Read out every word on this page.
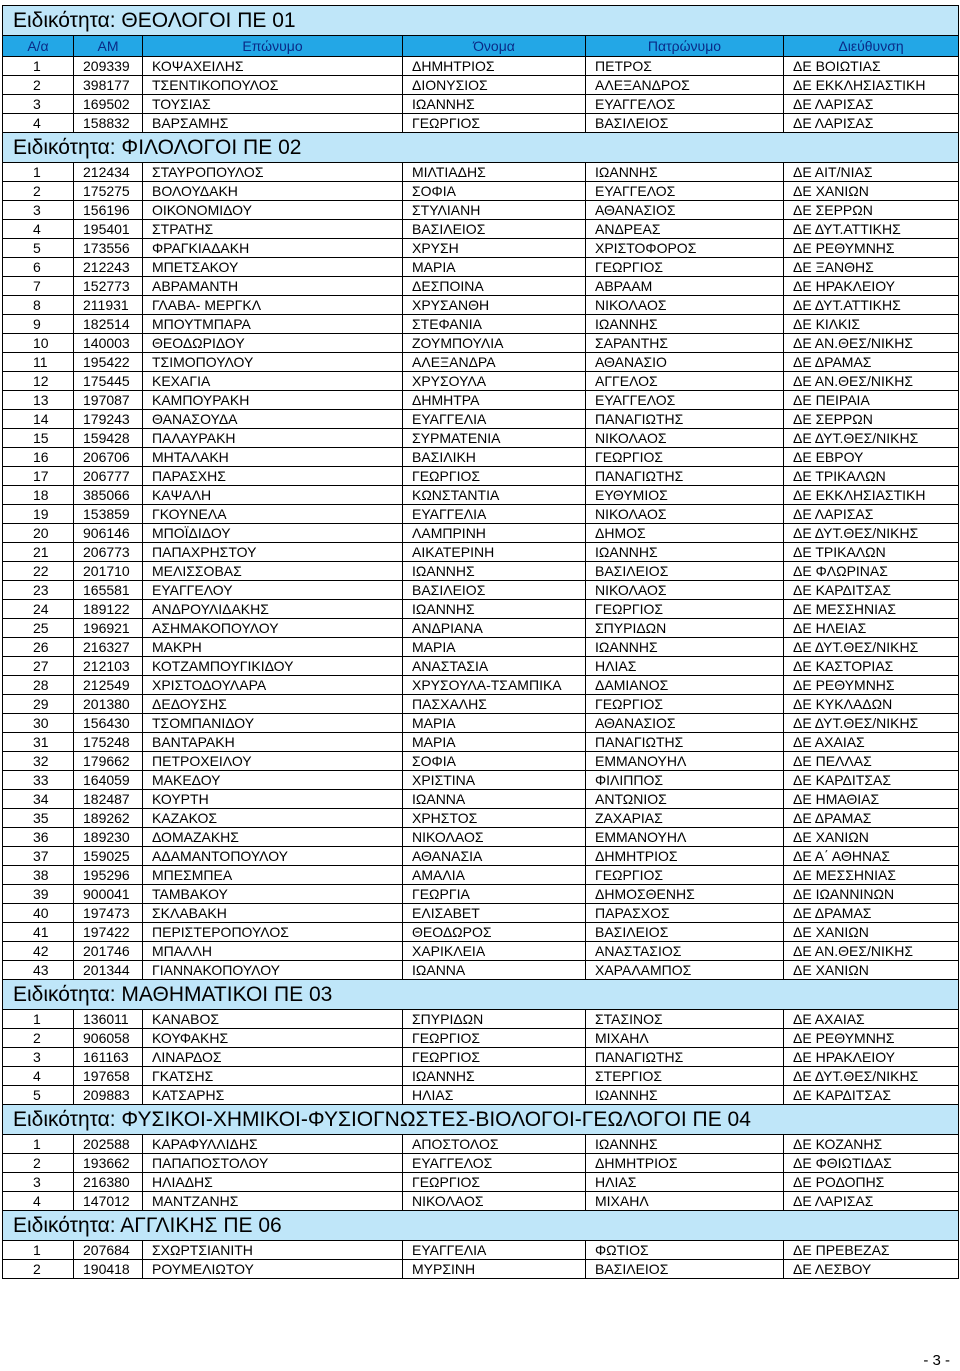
Ειδικότητα: ΘΕΟΛΟΓΟΙ ΠΕ 01					
Α/α	ΑΜ	Επώνυμο	Όνομα	Πατρώνυμο	Διεύθυνση
1	209339	ΚΟΨΑΧΕΙΛΗΣ	ΔΗΜΗΤΡΙΟΣ	ΠΕΤΡΟΣ	ΔΕ ΒΟΙΩΤΙΑΣ
2	398177	ΤΣΕΝΤΙΚΟΠΟΥΛΟΣ	ΔΙΟΝΥΣΙΟΣ	ΑΛΕΞΑΝΔΡΟΣ	ΔΕ ΕΚΚΛΗΣΙΑΣΤΙΚΗ
3	169502	ΤΟΥΣΙΑΣ	ΙΩΑΝΝΗΣ	ΕΥΑΓΓΕΛΟΣ	ΔΕ ΛΑΡΙΣΑΣ
4	158832	ΒΑΡΣΑΜΗΣ	ΓΕΩΡΓΙΟΣ	ΒΑΣΙΛΕΙΟΣ	ΔΕ ΛΑΡΙΣΑΣ
Ειδικότητα: ΦΙΛΟΛΟΓΟΙ ΠΕ 02					
1	212434	ΣΤΑΥΡΟΠΟΥΛΟΣ	ΜΙΛΤΙΑΔΗΣ	ΙΩΑΝΝΗΣ	ΔΕ ΑΙΤ/ΝΙΑΣ
2	175275	ΒΟΛΟΥΔΑΚΗ	ΣΟΦΙΑ	ΕΥΑΓΓΕΛΟΣ	ΔΕ ΧΑΝΙΩΝ
3	156196	ΟΙΚΟΝΟΜΙΔΟΥ	ΣΤΥΛΙΑΝΗ	ΑΘΑΝΑΣΙΟΣ	ΔΕ ΣΕΡΡΩΝ
4	195401	ΣΤΡΑΤΗΣ	ΒΑΣΙΛΕΙΟΣ	ΑΝΔΡΕΑΣ	ΔΕ ΔΥΤ.ΑΤΤΙΚΗΣ
5	173556	ΦΡΑΓΚΙΑΔΑΚΗ	ΧΡΥΣΗ	ΧΡΙΣΤΟΦΟΡΟΣ	ΔΕ ΡΕΘΥΜΝΗΣ
6	212243	ΜΠΕΤΣΑΚΟΥ	ΜΑΡΙΑ	ΓΕΩΡΓΙΟΣ	ΔΕ ΞΑΝΘΗΣ
7	152773	ΑΒΡΑΜΑΝΤΗ	ΔΕΣΠΟΙΝΑ	ΑΒΡΑΑΜ	ΔΕ ΗΡΑΚΛΕΙΟΥ
8	211931	ΓΛΑΒΑ- ΜΕΡΓΚΛ	ΧΡΥΣΑΝΘΗ	ΝΙΚΟΛΑΟΣ	ΔΕ ΔΥΤ.ΑΤΤΙΚΗΣ
9	182514	ΜΠΟΥΤΜΠΑΡΑ	ΣΤΕΦΑΝΙΑ	ΙΩΑΝΝΗΣ	ΔΕ ΚΙΛΚΙΣ
10	140003	ΘΕΟΔΩΡΙΔΟΥ	ΖΟΥΜΠΟΥΛΙΑ	ΣΑΡΑΝΤΗΣ	ΔΕ ΑΝ.ΘΕΣ/ΝΙΚΗΣ
11	195422	ΤΣΙΜΟΠΟΥΛΟΥ	ΑΛΕΞΑΝΔΡΑ	ΑΘΑΝΑΣΙΟ	ΔΕ ΔΡΑΜΑΣ
12	175445	ΚΕΧΑΓΙΑ	ΧΡΥΣΟΥΛΑ	ΑΓΓΕΛΟΣ	ΔΕ ΑΝ.ΘΕΣ/ΝΙΚΗΣ
13	197087	ΚΑΜΠΟΥΡΑΚΗ	ΔΗΜΗΤΡΑ	ΕΥΑΓΓΕΛΟΣ	ΔΕ ΠΕΙΡΑΙΑ
14	179243	ΘΑΝΑΣΟΥΔΑ	ΕΥΑΓΓΕΛΙΑ	ΠΑΝΑΓΙΩΤΗΣ	ΔΕ ΣΕΡΡΩΝ
15	159428	ΠΑΛΑΥΡΑΚΗ	ΣΥΡΜΑΤΕΝΙΑ	ΝΙΚΟΛΑΟΣ	ΔΕ ΔΥΤ.ΘΕΣ/ΝΙΚΗΣ
16	206706	ΜΗΤΑΛΑΚΗ	ΒΑΣΙΛΙΚΗ	ΓΕΩΡΓΙΟΣ	ΔΕ ΕΒΡΟΥ
17	206777	ΠΑΡΑΣΧΗΣ	ΓΕΩΡΓΙΟΣ	ΠΑΝΑΓΙΩΤΗΣ	ΔΕ ΤΡΙΚΑΛΩΝ
18	385066	ΚΑΨΑΛΗ	ΚΩΝΣΤΑΝΤΙΑ	ΕΥΘΥΜΙΟΣ	ΔΕ ΕΚΚΛΗΣΙΑΣΤΙΚΗ
19	153859	ΓΚΟΥΝΕΛΑ	ΕΥΑΓΓΕΛΙΑ	ΝΙΚΟΛΑΟΣ	ΔΕ ΛΑΡΙΣΑΣ
20	906146	ΜΠΟΪΔΙΔΟΥ	ΛΑΜΠΡΙΝΗ	ΔΗΜΟΣ	ΔΕ ΔΥΤ.ΘΕΣ/ΝΙΚΗΣ
21	206773	ΠΑΠΑΧΡΗΣΤΟΥ	ΑΙΚΑΤΕΡΙΝΗ	ΙΩΑΝΝΗΣ	ΔΕ ΤΡΙΚΑΛΩΝ
22	201710	ΜΕΛΙΣΣΟΒΑΣ	ΙΩΑΝΝΗΣ	ΒΑΣΙΛΕΙΟΣ	ΔΕ ΦΛΩΡΙΝΑΣ
23	165581	ΕΥΑΓΓΕΛΟΥ	ΒΑΣΙΛΕΙΟΣ	ΝΙΚΟΛΑΟΣ	ΔΕ ΚΑΡΔΙΤΣΑΣ
24	189122	ΑΝΔΡΟΥΛΙΔΑΚΗΣ	ΙΩΑΝΝΗΣ	ΓΕΩΡΓΙΟΣ	ΔΕ ΜΕΣΣΗΝΙΑΣ
25	196921	ΑΣΗΜΑΚΟΠΟΥΛΟΥ	ΑΝΔΡΙΑΝΑ	ΣΠΥΡΙΔΩΝ	ΔΕ ΗΛΕΙΑΣ
26	216327	ΜΑΚΡΗ	ΜΑΡΙΑ	ΙΩΑΝΝΗΣ	ΔΕ ΔΥΤ.ΘΕΣ/ΝΙΚΗΣ
27	212103	ΚΟΤΖΑΜΠΟΥΓΙΚΙΔΟΥ	ΑΝΑΣΤΑΣΙΑ	ΗΛΙΑΣ	ΔΕ ΚΑΣΤΟΡΙΑΣ
28	212549	ΧΡΙΣΤΟΔΟΥΛΑΡΑ	ΧΡΥΣΟΥΛΑ-ΤΣΑΜΠΙΚΑ	ΔΑΜΙΑΝΟΣ	ΔΕ ΡΕΘΥΜΝΗΣ
29	201380	ΔΕΔΟΥΣΗΣ	ΠΑΣΧΑΛΗΣ	ΓΕΩΡΓΙΟΣ	ΔΕ ΚΥΚΛΑΔΩΝ
30	156430	ΤΣΟΜΠΑΝΙΔΟΥ	ΜΑΡΙΑ	ΑΘΑΝΑΣΙΟΣ	ΔΕ ΔΥΤ.ΘΕΣ/ΝΙΚΗΣ
31	175248	ΒΑΝΤΑΡΑΚΗ	ΜΑΡΙΑ	ΠΑΝΑΓΙΩΤΗΣ	ΔΕ ΑΧΑΙΑΣ
32	179662	ΠΕΤΡΟΧΕΙΛΟΥ	ΣΟΦΙΑ	ΕΜΜΑΝΟΥΗΛ	ΔΕ ΠΕΛΛΑΣ
33	164059	ΜΑΚΕΔΟΥ	ΧΡΙΣΤΙΝΑ	ΦΙΛΙΠΠΟΣ	ΔΕ ΚΑΡΔΙΤΣΑΣ
34	182487	ΚΟΥΡΤΗ	ΙΩΑΝΝΑ	ΑΝΤΩΝΙΟΣ	ΔΕ ΗΜΑΘΙΑΣ
35	189262	ΚΑΖΑΚΟΣ	ΧΡΗΣΤΟΣ	ΖΑΧΑΡΙΑΣ	ΔΕ ΔΡΑΜΑΣ
36	189230	ΔΟΜΑΖΑΚΗΣ	ΝΙΚΟΛΑΟΣ	ΕΜΜΑΝΟΥΗΛ	ΔΕ ΧΑΝΙΩΝ
37	159025	ΑΔΑΜΑΝΤΟΠΟΥΛΟΥ	ΑΘΑΝΑΣΙΑ	ΔΗΜΗΤΡΙΟΣ	ΔΕ Α΄ ΑΘΗΝΑΣ
38	195296	ΜΠΕΣΜΠΕΑ	ΑΜΑΛΙΑ	ΓΕΩΡΓΙΟΣ	ΔΕ ΜΕΣΣΗΝΙΑΣ
39	900041	ΤΑΜΒΑΚΟΥ	ΓΕΩΡΓΙΑ	ΔΗΜΟΣΘΕΝΗΣ	ΔΕ ΙΩΑΝΝΙΝΩΝ
40	197473	ΣΚΛΑΒΑΚΗ	ΕΛΙΣΑΒΕΤ	ΠΑΡΑΣΧΟΣ	ΔΕ ΔΡΑΜΑΣ
41	197422	ΠΕΡΙΣΤΕΡΟΠΟΥΛΟΣ	ΘΕΟΔΩΡΟΣ	ΒΑΣΙΛΕΙΟΣ	ΔΕ ΧΑΝΙΩΝ
42	201746	ΜΠΑΛΛΗ	ΧΑΡΙΚΛΕΙΑ	ΑΝΑΣΤΑΣΙΟΣ	ΔΕ ΑΝ.ΘΕΣ/ΝΙΚΗΣ
43	201344	ΓΙΑΝΝΑΚΟΠΟΥΛΟΥ	ΙΩΑΝΝΑ	ΧΑΡΑΛΑΜΠΟΣ	ΔΕ ΧΑΝΙΩΝ
Ειδικότητα: ΜΑΘΗΜΑΤΙΚΟΙ ΠΕ 03					
1	136011	ΚΑΝΑΒΟΣ	ΣΠΥΡΙΔΩΝ	ΣΤΑΣΙΝΟΣ	ΔΕ ΑΧΑΙΑΣ
2	906058	ΚΟΥΦΑΚΗΣ	ΓΕΩΡΓΙΟΣ	ΜΙΧΑΗΛ	ΔΕ ΡΕΘΥΜΝΗΣ
3	161163	ΛΙΝΑΡΔΟΣ	ΓΕΩΡΓΙΟΣ	ΠΑΝΑΓΙΩΤΗΣ	ΔΕ ΗΡΑΚΛΕΙΟΥ
4	197658	ΓΚΑΤΣΗΣ	ΙΩΑΝΝΗΣ	ΣΤΕΡΓΙΟΣ	ΔΕ ΔΥΤ.ΘΕΣ/ΝΙΚΗΣ
5	209883	ΚΑΤΣΑΡΗΣ	ΗΛΙΑΣ	ΙΩΑΝΝΗΣ	ΔΕ ΚΑΡΔΙΤΣΑΣ
Ειδικότητα: ΦΥΣΙΚΟΙ-ΧΗΜΙΚΟΙ-ΦΥΣΙΟΓΝΩΣΤΕΣ-ΒΙΟΛΟΓΟΙ-ΓΕΩΛΟΓΟΙ ΠΕ 04					
1	202588	ΚΑΡΑΦΥΛΛΙΔΗΣ	ΑΠΟΣΤΟΛΟΣ	ΙΩΑΝΝΗΣ	ΔΕ ΚΟΖΑΝΗΣ
2	193662	ΠΑΠΑΠΟΣΤΟΛΟΥ	ΕΥΑΓΓΕΛΟΣ	ΔΗΜΗΤΡΙΟΣ	ΔΕ ΦΘΙΩΤΙΔΑΣ
3	216380	ΗΛΙΑΔΗΣ	ΓΕΩΡΓΙΟΣ	ΗΛΙΑΣ	ΔΕ ΡΟΔΟΠΗΣ
4	147012	ΜΑΝΤΖΑΝΗΣ	ΝΙΚΟΛΑΟΣ	ΜΙΧΑΗΛ	ΔΕ ΛΑΡΙΣΑΣ
Ειδικότητα: ΑΓΓΛΙΚΗΣ ΠΕ 06					
1	207684	ΣΧΩΡΤΣΙΑΝΙΤΗ	ΕΥΑΓΓΕΛΙΑ	ΦΩΤΙΟΣ	ΔΕ ΠΡΕΒΕΖΑΣ
2	190418	ΡΟΥΜΕΛΙΩΤΟΥ	ΜΥΡΣΙΝΗ	ΒΑΣΙΛΕΙΟΣ	ΔΕ ΛΕΣΒΟΥ
- 3 -
